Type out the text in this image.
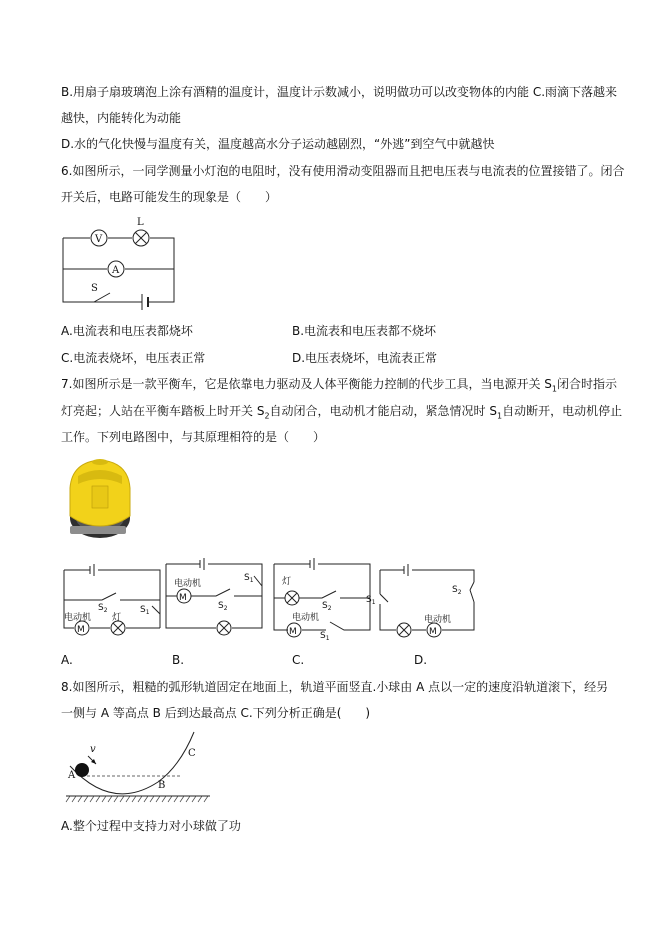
B.用扇子扇玻璃泡上涂有酒精的温度计，温度计示数减小，说明做功可以改变物体的内能 C.雨滴下落越来
越快，内能转化为动能
D.水的气化快慢与温度有关，温度越高水分子运动越剧烈，“外逃”到空气中就越快
6.如图所示，一同学测量小灯泡的电阻时，没有使用滑动变阻器而且把电压表与电流表的位置接错了。闭合
开关后，电路可能发生的现象是（　　）
V
L
A
S
A.电流表和电压表都烧坏	B.电流表和电压表都不烧坏
C.电流表烧坏，电压表正常	D.电压表烧坏，电流表正常
7.如图所示是一款平衡车，它是依靠电力驱动及人体平衡能力控制的代步工具，当电源开关 $S_1$闭合时指示
灯亮起；人站在平衡车踏板上时开关 $S_2$自动闭合，电动机才能启动，紧急情况时 $S_1$自动断开，电动机停止
工作。下列电路图中，与其原理相符的是（　　）
M
电动机 灯
$S_2$	$S_1$
M
电动机
$S_2$
$S_1$
M
灯
电动机
$S_2$
$S_1$
M
电动机
$S_1$
$S_2$
A.	B.	C.	D.
8.如图所示，粗糙的弧形轨道固定在地面上，轨道平面竖直.小球由 A 点以一定的速度沿轨道滚下，经另
一侧与 A 等高点 B 后到达最高点 C.下列分析正确是(　　)
v
A
B
C
A.整个过程中支持力对小球做了功
